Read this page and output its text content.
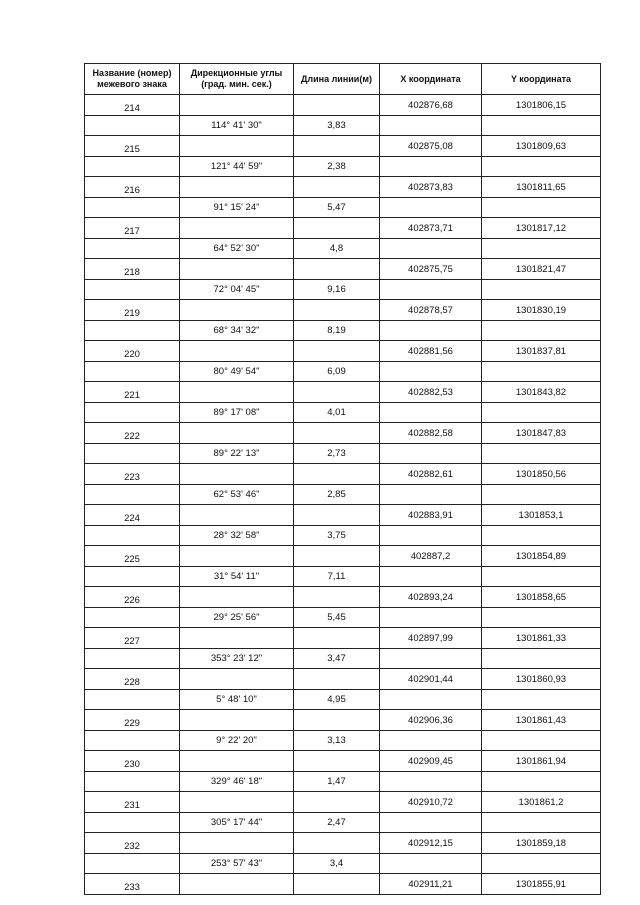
Название (номер) межевого знака	Дирекционные углы (град. мин. сек.)	Длина линии(м)	X координата	Y координата
214			402876,68	1301806,15
	114° 41' 30"	3,83		
215			402875,08	1301809,63
	121° 44' 59"	2,38		
216			402873,83	1301811,65
	91° 15' 24"	5,47		
217			402873,71	1301817,12
	64° 52' 30"	4,8		
218			402875,75	1301821,47
	72° 04' 45"	9,16		
219			402878,57	1301830,19
	68° 34' 32"	8,19		
220			402881,56	1301837,81
	80° 49' 54"	6,09		
221			402882,53	1301843,82
	89° 17' 08"	4,01		
222			402882,58	1301847,83
	89° 22' 13"	2,73		
223			402882,61	1301850,56
	62° 53' 46"	2,85		
224			402883,91	1301853,1
	28° 32' 58"	3,75		
225			402887,2	1301854,89
	31° 54' 11"	7,11		
226			402893,24	1301858,65
	29° 25' 56"	5,45		
227			402897,99	1301861,33
	353° 23' 12"	3,47		
228			402901,44	1301860,93
	5° 48' 10"	4,95		
229			402906,36	1301861,43
	9° 22' 20"	3,13		
230			402909,45	1301861,94
	329° 46' 18"	1,47		
231			402910,72	1301861,2
	305° 17' 44"	2,47		
232			402912,15	1301859,18
	253° 57' 43"	3,4		
233			402911,21	1301855,91
